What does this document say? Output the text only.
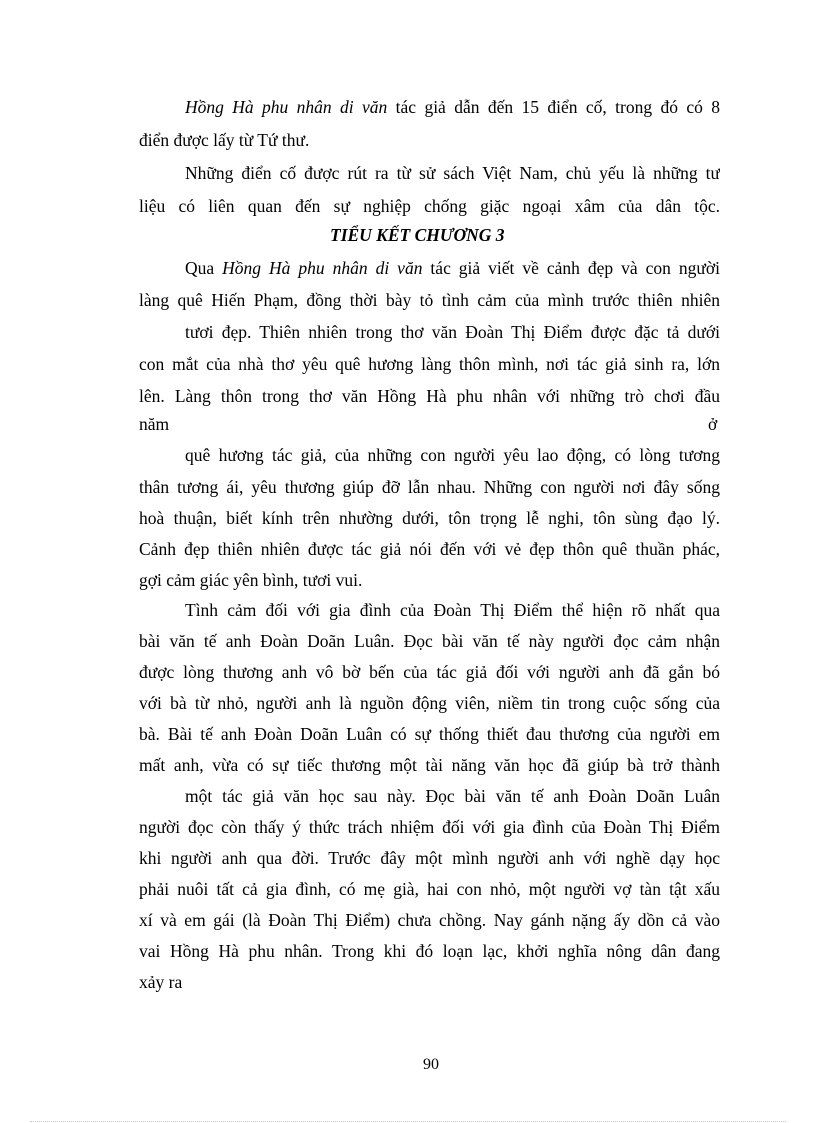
Hồng Hà phu nhân di văn tác giả dẫn đến 15 điển cố, trong đó có 8
điển được lấy từ Tứ thư.
Những điển cố được rút ra từ sử sách Việt Nam, chủ yếu là những tư
liệu có liên quan đến sự nghiệp chống giặc ngoại xâm của dân tộc.
TIỂU KẾT CHƯƠNG 3
Qua Hồng Hà phu nhân di văn tác giả viết về cảnh đẹp và con người
làng quê Hiến Phạm, đồng thời bày tỏ tình cảm của mình trước thiên nhiên
tươi đẹp. Thiên nhiên trong thơ văn Đoàn Thị Điểm được đặc tả dưới
con mắt của nhà thơ yêu quê hương làng thôn mình, nơi tác giả sinh ra, lớn
lên. Làng thôn trong thơ văn Hồng Hà phu nhân với những trò chơi đầu
năm	ở
quê hương tác giả, của những con người yêu lao động, có lòng tương
thân tương ái, yêu thương giúp đỡ lẫn nhau. Những con người nơi đây sống
hoà thuận, biết kính trên nhường dưới, tôn trọng lễ nghi, tôn sùng đạo lý.
Cảnh đẹp thiên nhiên được tác giả nói đến với vẻ đẹp thôn quê thuần phác,
gợi cảm giác yên bình, tươi vui.
Tình cảm đối với gia đình của Đoàn Thị Điểm thể hiện rõ nhất qua
bài văn tế anh Đoàn Doãn Luân. Đọc bài văn tế này người đọc cảm nhận
được lòng thương anh vô bờ bến của tác giả đối với người anh đã gắn bó
với bà từ nhỏ, người anh là nguồn động viên, niềm tin trong cuộc sống của
bà. Bài tế anh Đoàn Doãn Luân có sự thống thiết đau thương của người em
mất anh, vừa có sự tiếc thương một tài năng văn học đã giúp bà trở thành
một tác giả văn học sau này. Đọc bài văn tế anh Đoàn Doãn Luân
người đọc còn thấy ý thức trách nhiệm đối với gia đình của Đoàn Thị Điểm
khi người anh qua đời. Trước đây một mình người anh với nghề dạy học
phải nuôi tất cả gia đình, có mẹ già, hai con nhỏ, một người vợ tàn tật xấu
xí và em gái (là Đoàn Thị Điểm) chưa chồng. Nay gánh nặng ấy dồn cả vào
vai Hồng Hà phu nhân. Trong khi đó loạn lạc, khởi nghĩa nông dân đang
xảy ra
90
